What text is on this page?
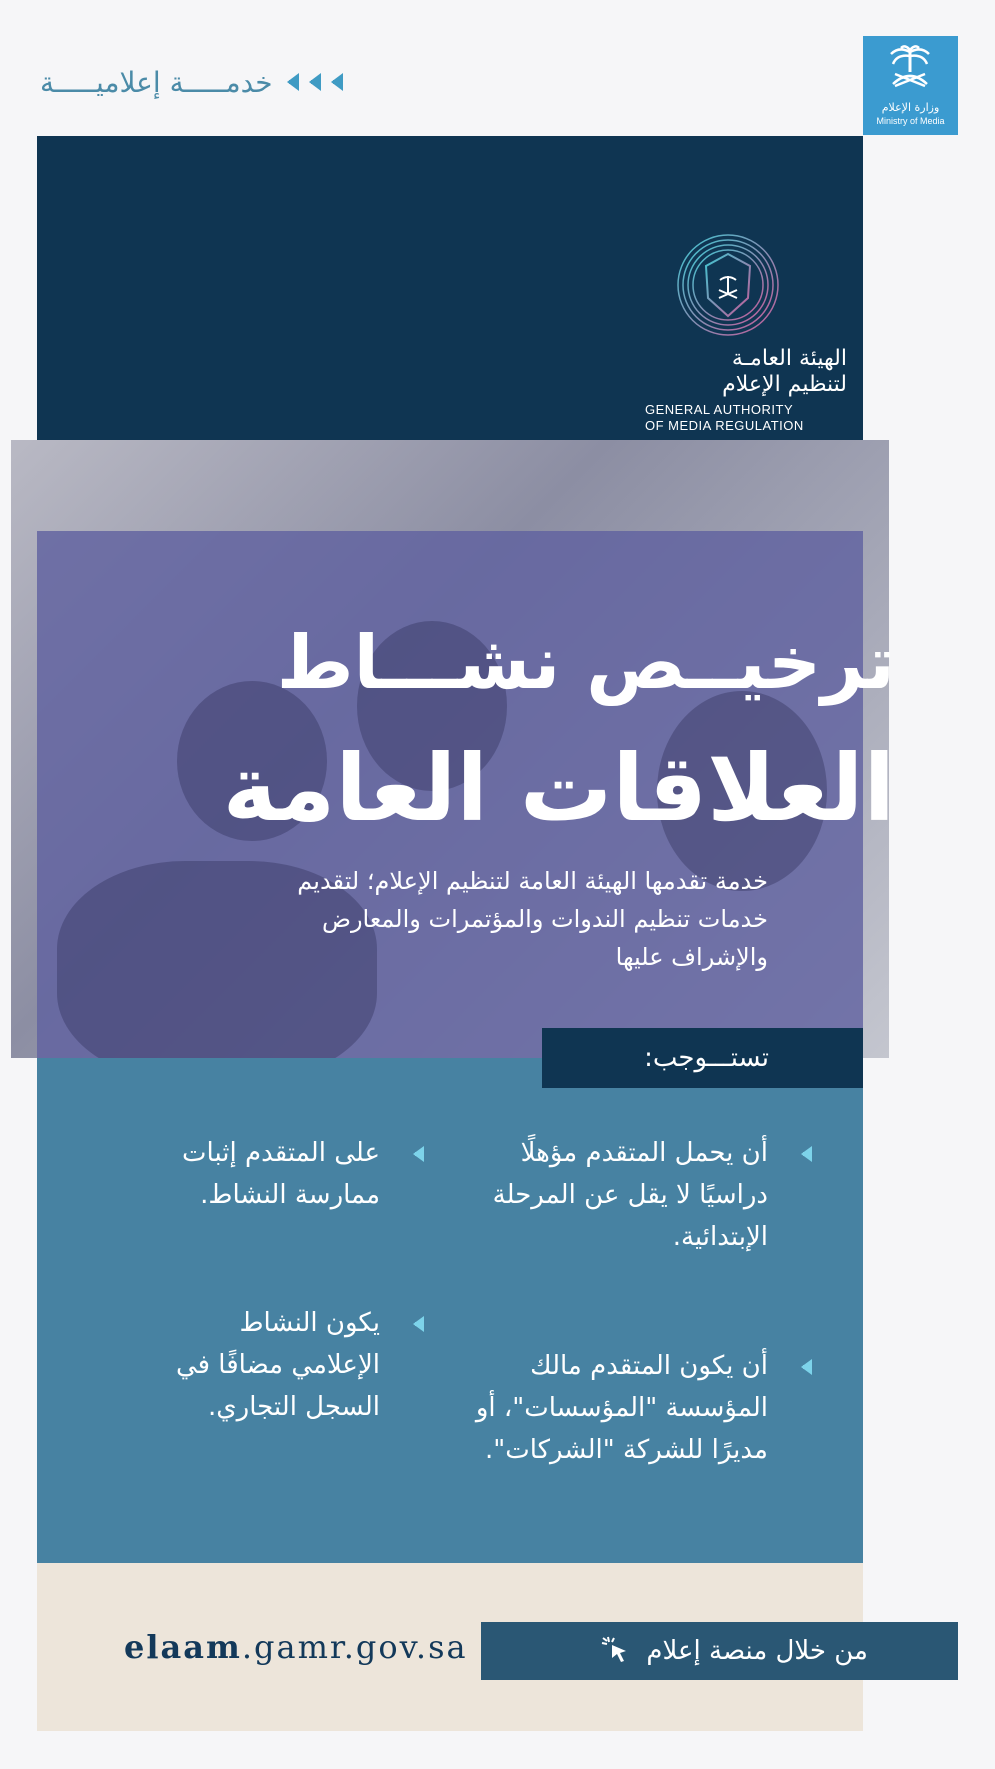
خدمـــــة إعلاميـــــة
وزارة الإعلام
Ministry of Media
الهيئة العامـة
لتنظيم الإعلام
GENERAL AUTHORITY
OF MEDIA REGULATION
ترخيــص نشـــاط
العلاقات العامة
خدمة تقدمها الهيئة العامة لتنظيم الإعلام؛ لتقديم خدمات تنظيم الندوات والمؤتمرات والمعارض والإشراف عليها
تستـــوجب:
أن يحمل المتقدم مؤهلًا دراسيًا لا يقل عن المرحلة الإبتدائية.
على المتقدم إثبات ممارسة النشاط.
أن يكون المتقدم مالك المؤسسة "المؤسسات"، أو مديرًا للشركة "الشركات".
يكون النشاط الإعلامي مضافًا في السجل التجاري.
elaam.gamr.gov.sa	من خلال منصة إعلام
